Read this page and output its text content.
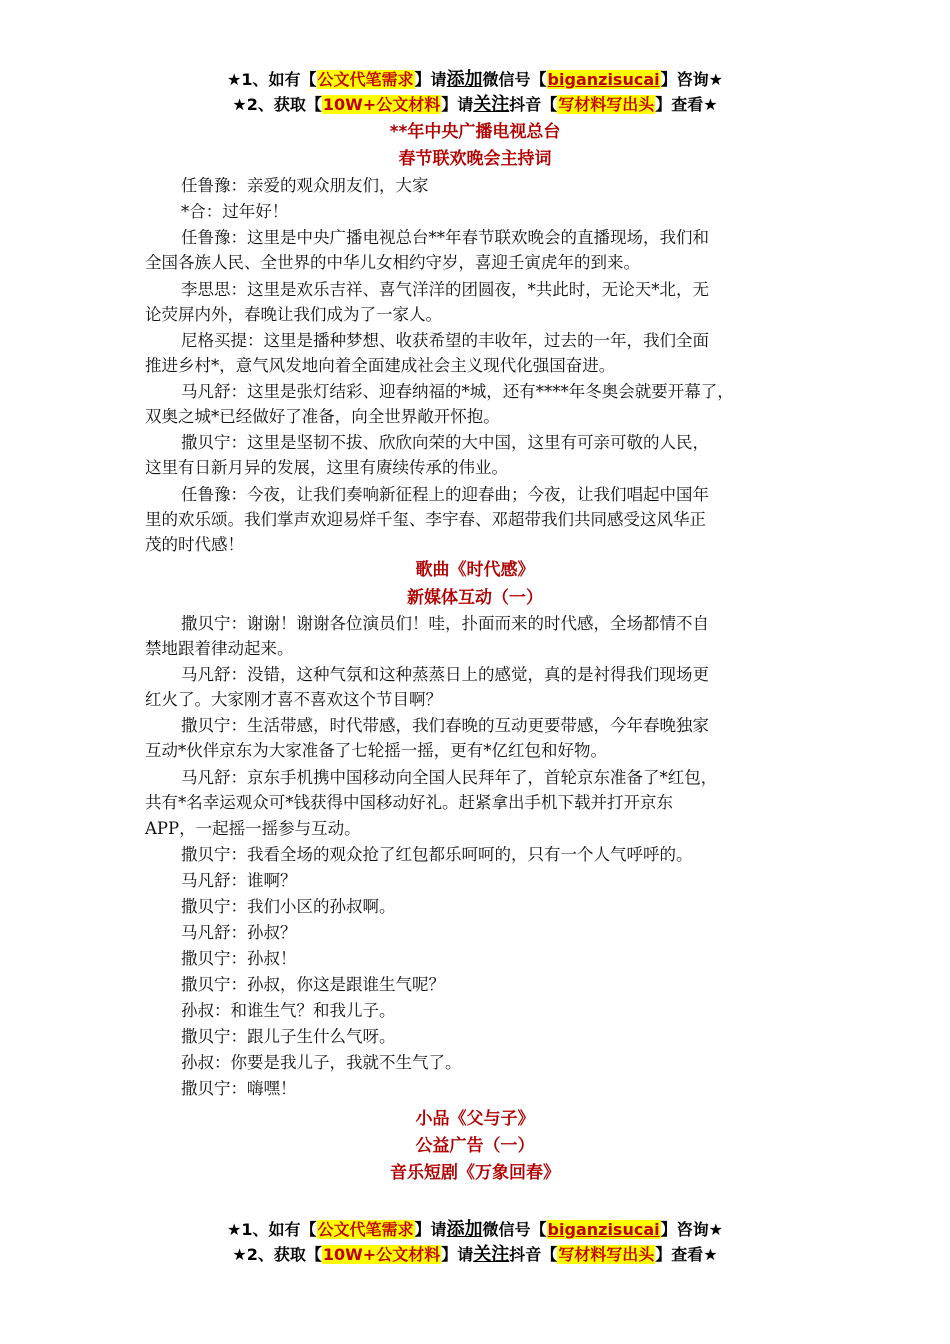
★1、如有【公文代笔需求】请添加微信号【biganzisucai】咨询★
★2、获取【10W+公文材料】请关注抖音【写材料写出头】查看★
**年中央广播电视总台
春节联欢晚会主持词
任鲁豫：亲爱的观众朋友们，大家
*合：过年好！
任鲁豫：这里是中央广播电视总台**年春节联欢晚会的直播现场，我们和
全国各族人民、全世界的中华儿女相约守岁，喜迎壬寅虎年的到来。
李思思：这里是欢乐吉祥、喜气洋洋的团圆夜，*共此时，无论天*北，无
论荧屏内外，春晚让我们成为了一家人。
尼格买提：这里是播种梦想、收获希望的丰收年，过去的一年，我们全面
推进乡村*，意气风发地向着全面建成社会主义现代化强国奋进。
马凡舒：这里是张灯结彩、迎春纳福的*城，还有****年冬奥会就要开幕了，
双奥之城*已经做好了准备，向全世界敞开怀抱。
撒贝宁：这里是坚韧不拔、欣欣向荣的大中国，这里有可亲可敬的人民，
这里有日新月异的发展，这里有赓续传承的伟业。
任鲁豫：今夜，让我们奏响新征程上的迎春曲；今夜，让我们唱起中国年
里的欢乐颂。我们掌声欢迎易烊千玺、李宇春、邓超带我们共同感受这风华正
茂的时代感！
歌曲《时代感》
新媒体互动（一）
撒贝宁：谢谢！谢谢各位演员们！哇，扑面而来的时代感，全场都情不自
禁地跟着律动起来。
马凡舒：没错，这种气氛和这种蒸蒸日上的感觉，真的是衬得我们现场更
红火了。大家刚才喜不喜欢这个节目啊？
撒贝宁：生活带感，时代带感，我们春晚的互动更要带感，今年春晚独家
互动*伙伴京东为大家准备了七轮摇一摇，更有*亿红包和好物。
马凡舒：京东手机携中国移动向全国人民拜年了，首轮京东准备了*红包，
共有*名幸运观众可*钱获得中国移动好礼。赶紧拿出手机下载并打开京东
APP，一起摇一摇参与互动。
撒贝宁：我看全场的观众抢了红包都乐呵呵的，只有一个人气呼呼的。
马凡舒：谁啊？
撒贝宁：我们小区的孙叔啊。
马凡舒：孙叔？
撒贝宁：孙叔！
撒贝宁：孙叔，你这是跟谁生气呢？
孙叔：和谁生气？和我儿子。
撒贝宁：跟儿子生什么气呀。
孙叔：你要是我儿子，我就不生气了。
撒贝宁：嗨嘿！
小品《父与子》
公益广告（一）
音乐短剧《万象回春》
★1、如有【公文代笔需求】请添加微信号【biganzisucai】咨询★
★2、获取【10W+公文材料】请关注抖音【写材料写出头】查看★
